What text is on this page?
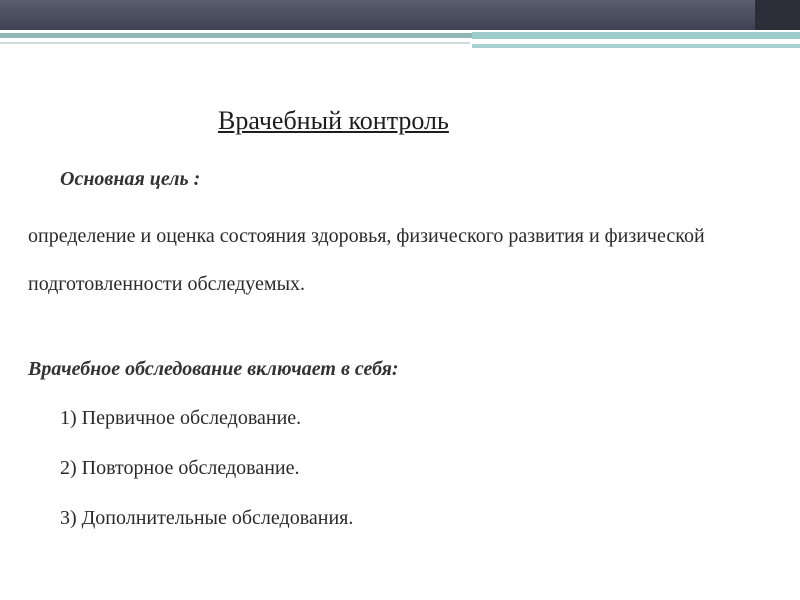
Врачебный контроль
Основная цель :
определение и оценка состояния здоровья, физического развития и физической подготовленности обследуемых.
Врачебное обследование включает в себя:
1) Первичное обследование.
2) Повторное обследование.
3) Дополнительные обследования.
